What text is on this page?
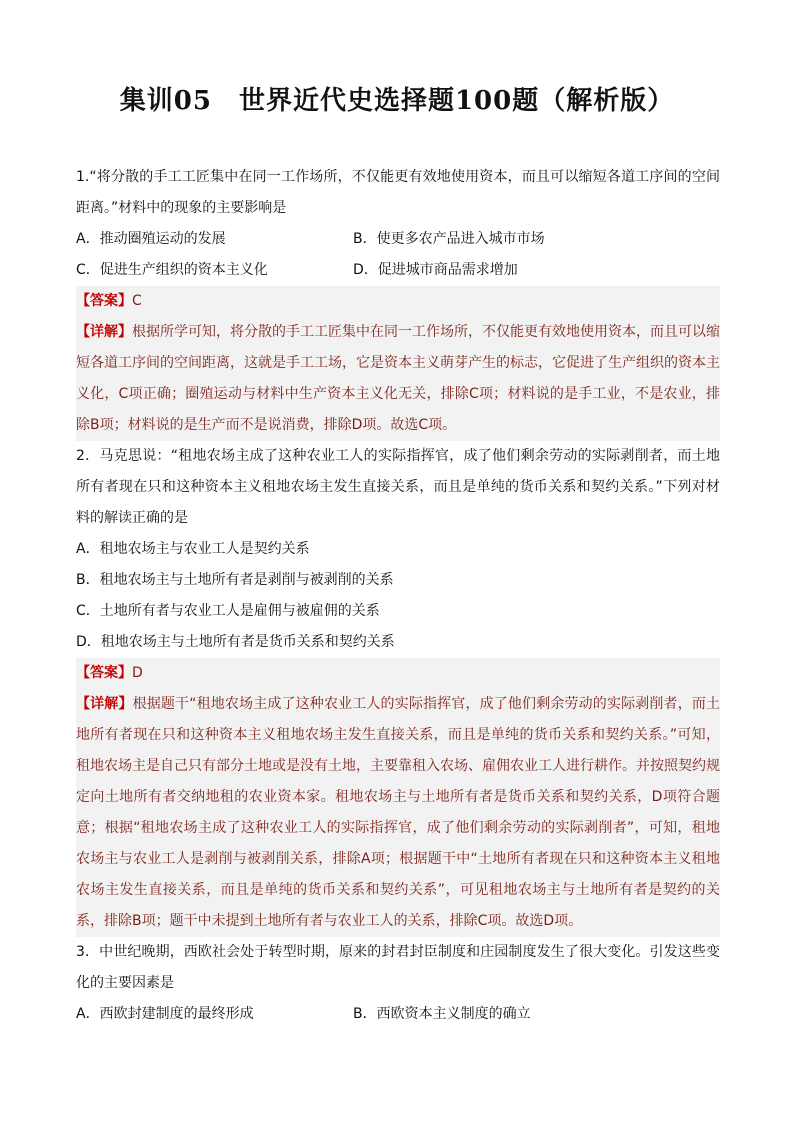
集训05　世界近代史选择题100题（解析版）
1.“将分散的手工工匠集中在同一工作场所，不仅能更有效地使用资本，而且可以缩短各道工序间的空间距离。”材料中的现象的主要影响是
A．推动圈殖运动的发展	B．使更多农产品进入城市市场
C．促进生产组织的资本主义化	D．促进城市商品需求增加
【答案】C
【详解】根据所学可知，将分散的手工工匠集中在同一工作场所，不仅能更有效地使用资本，而且可以缩短各道工序间的空间距离，这就是手工工场，它是资本主义萌芽产生的标志，它促进了生产组织的资本主义化，C项正确；圈殖运动与材料中生产资本主义化无关，排除C项；材料说的是手工业，不是农业，排除B项；材料说的是生产而不是说消费，排除D项。故选C项。
2．马克思说：“租地农场主成了这种农业工人的实际指挥官，成了他们剩余劳动的实际剥削者，而土地所有者现在只和这种资本主义租地农场主发生直接关系，而且是单纯的货币关系和契约关系。”下列对材料的解读正确的是
A．租地农场主与农业工人是契约关系
B．租地农场主与土地所有者是剥削与被剥削的关系
C．土地所有者与农业工人是雇佣与被雇佣的关系
D．租地农场主与土地所有者是货币关系和契约关系
【答案】D
【详解】根据题干“租地农场主成了这种农业工人的实际指挥官，成了他们剩余劳动的实际剥削者，而土地所有者现在只和这种资本主义租地农场主发生直接关系，而且是单纯的货币关系和契约关系。”可知，租地农场主是自己只有部分土地或是没有土地，主要靠租入农场、雇佣农业工人进行耕作。并按照契约规定向土地所有者交纳地租的农业资本家。租地农场主与土地所有者是货币关系和契约关系，D项符合题意；根据“租地农场主成了这种农业工人的实际指挥官，成了他们剩余劳动的实际剥削者”，可知，租地农场主与农业工人是剥削与被剥削关系，排除A项；根据题干中“土地所有者现在只和这种资本主义租地农场主发生直接关系，而且是单纯的货币关系和契约关系”，可见租地农场主与土地所有者是契约的关系，排除B项；题干中未提到土地所有者与农业工人的关系，排除C项。故选D项。
3．中世纪晚期，西欧社会处于转型时期，原来的封君封臣制度和庄园制度发生了很大变化。引发这些变化的主要因素是
A．西欧封建制度的最终形成	B．西欧资本主义制度的确立
